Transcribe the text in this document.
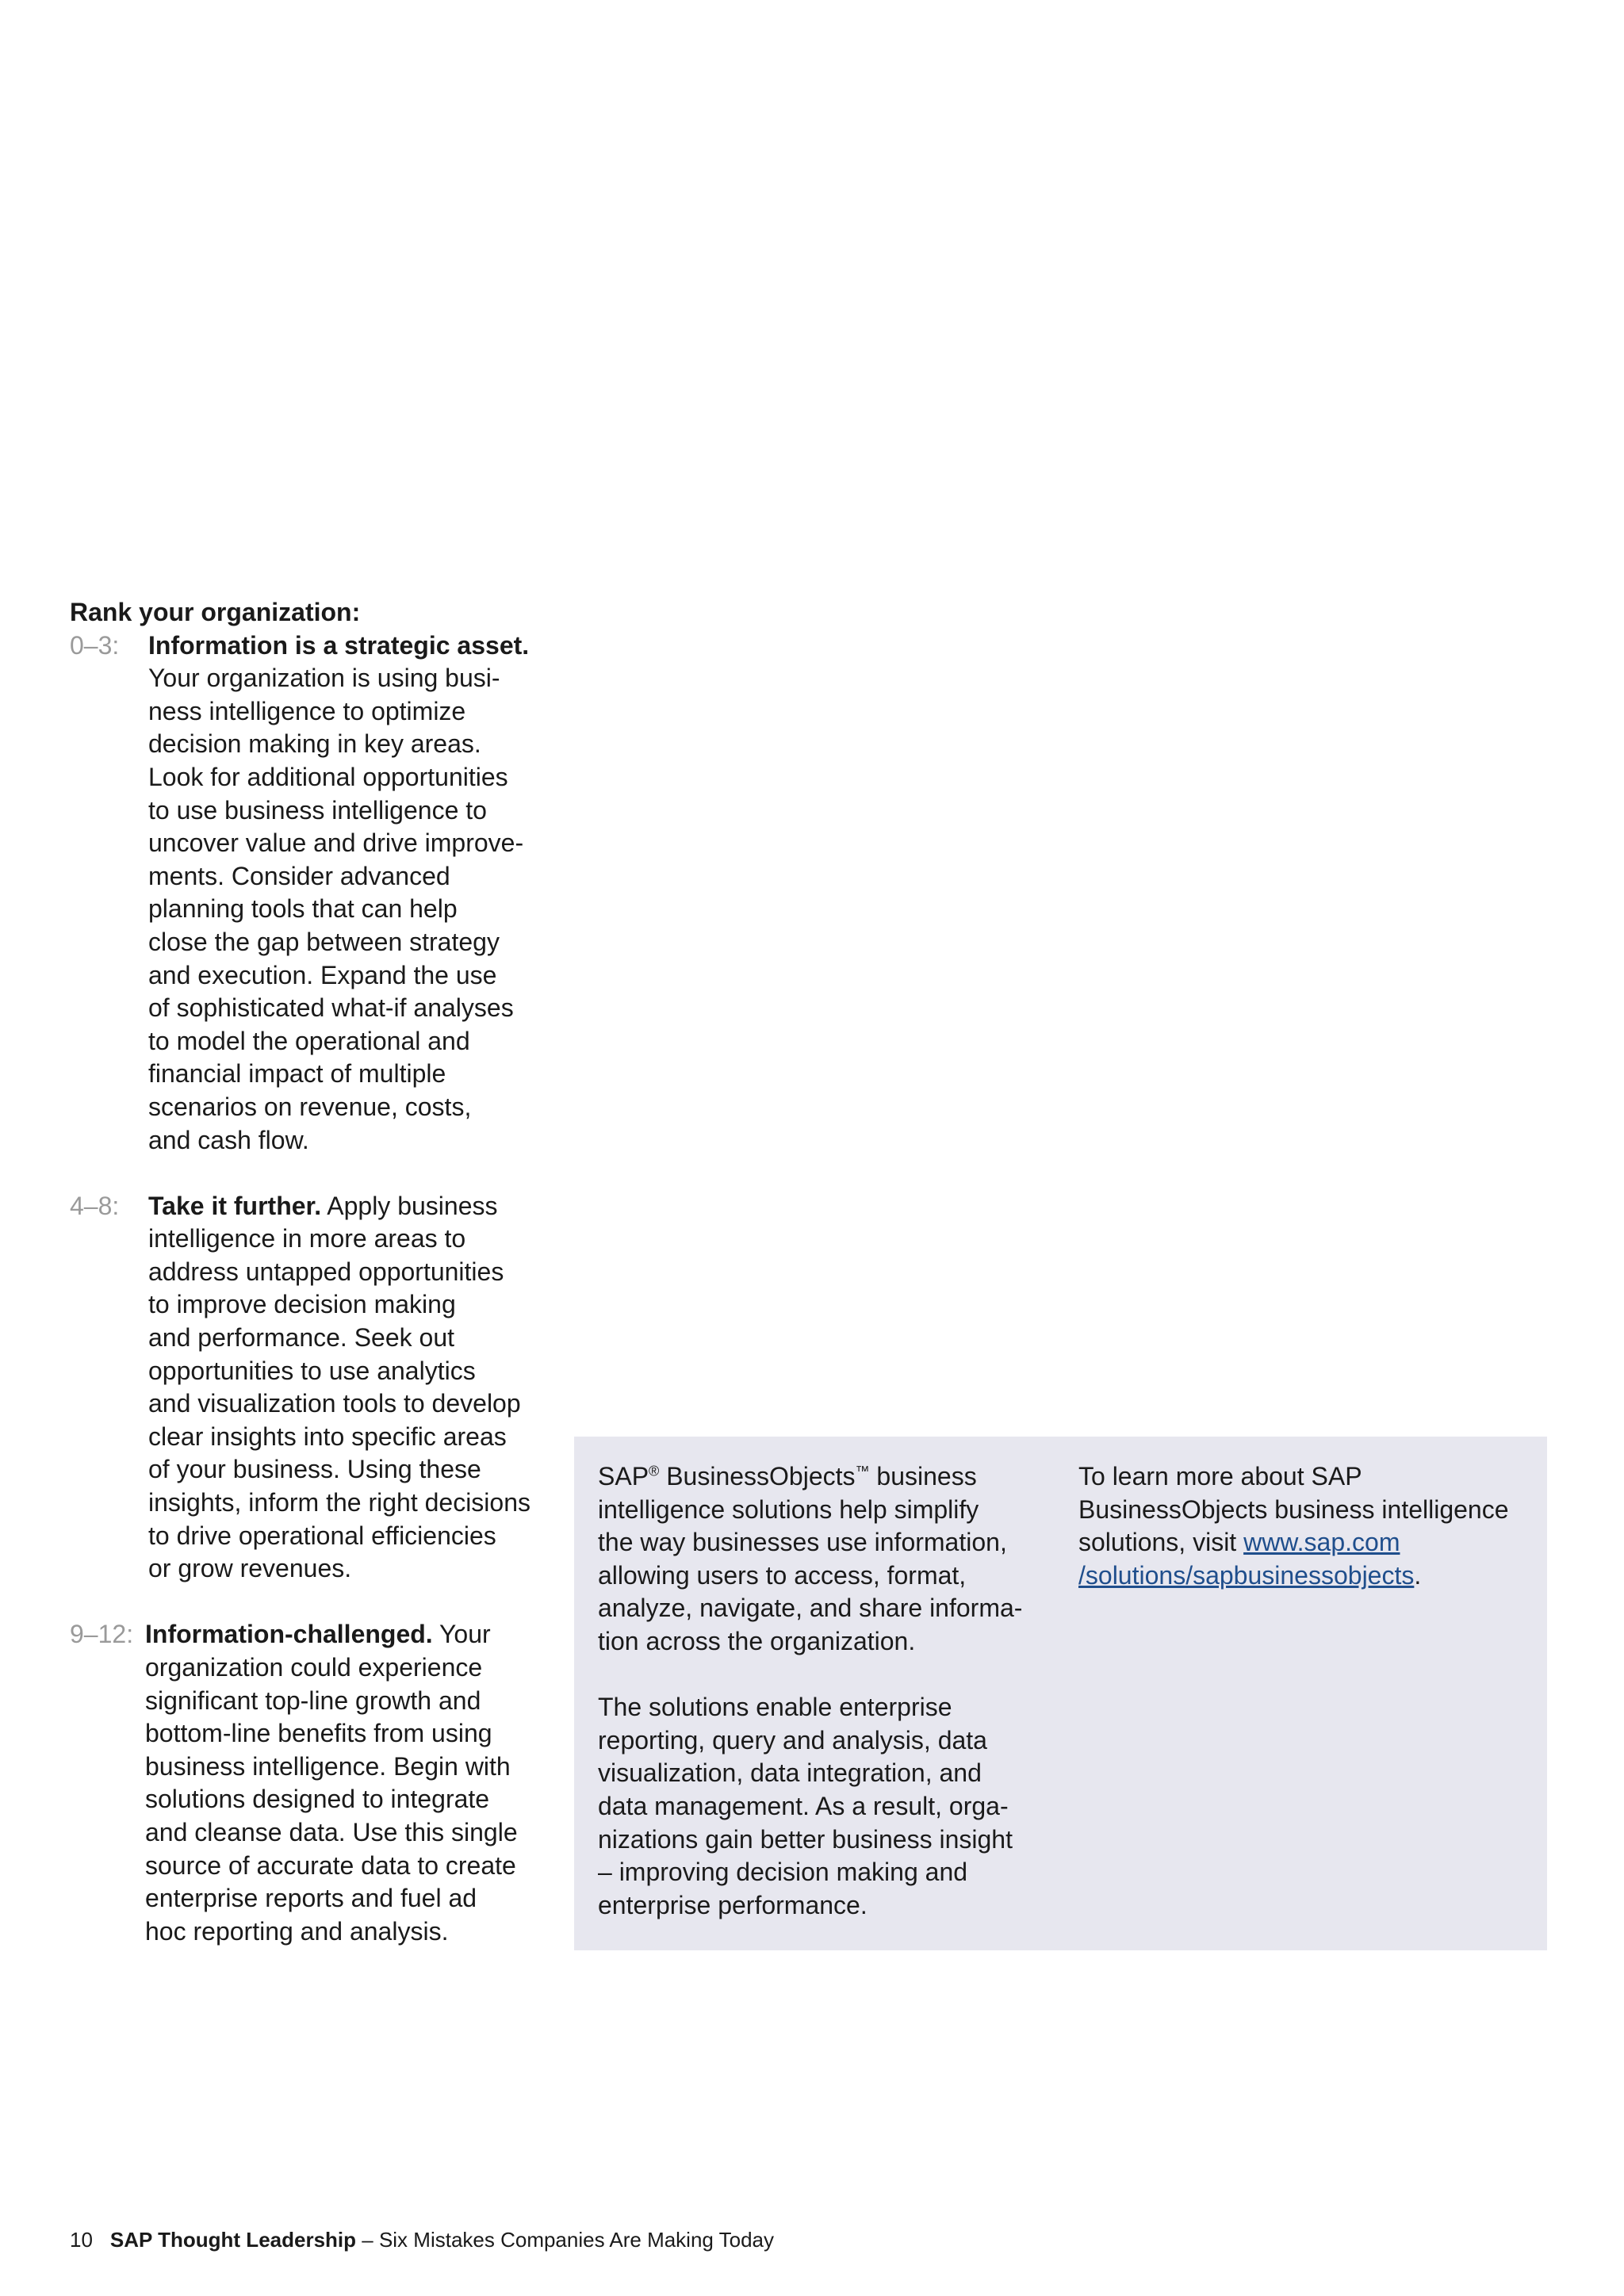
Rank your organization:

0–3: Information is a strategic asset.
Your organization is using busi-
ness intelligence to optimize
decision making in key areas.
Look for additional opportunities
to use business intelligence to
uncover value and drive improve-
ments. Consider advanced
planning tools that can help
close the gap between strategy
and execution. Expand the use
of sophisticated what-if analyses
to model the operational and
financial impact of multiple
scenarios on revenue, costs,
and cash flow.
4–8: Take it further. Apply business
intelligence in more areas to
address untapped opportunities
to improve decision making
and performance. Seek out
opportunities to use analytics
and visualization tools to develop
clear insights into specific areas
of your business. Using these
insights, inform the right decisions
to drive operational efficiencies
or grow revenues.
9–12: Information-challenged. Your
organization could experience
significant top-line growth and
bottom-line benefits from using
business intelligence. Begin with
solutions designed to integrate
and cleanse data. Use this single
source of accurate data to create
enterprise reports and fuel ad
hoc reporting and analysis.

SAP® BusinessObjects™ business
intelligence solutions help simplify
the way businesses use information,
allowing users to access, format,
analyze, navigate, and share informa-
tion across the organization.

The solutions enable enterprise
reporting, query and analysis, data
visualization, data integration, and
data management. As a result, orga-
nizations gain better business insight
– improving decision making and
enterprise performance.

To learn more about SAP
BusinessObjects business intelligence
solutions, visit www.sap.com
/solutions/sapbusinessobjects.

10 SAP Thought Leadership – Six Mistakes Companies Are Making Today
